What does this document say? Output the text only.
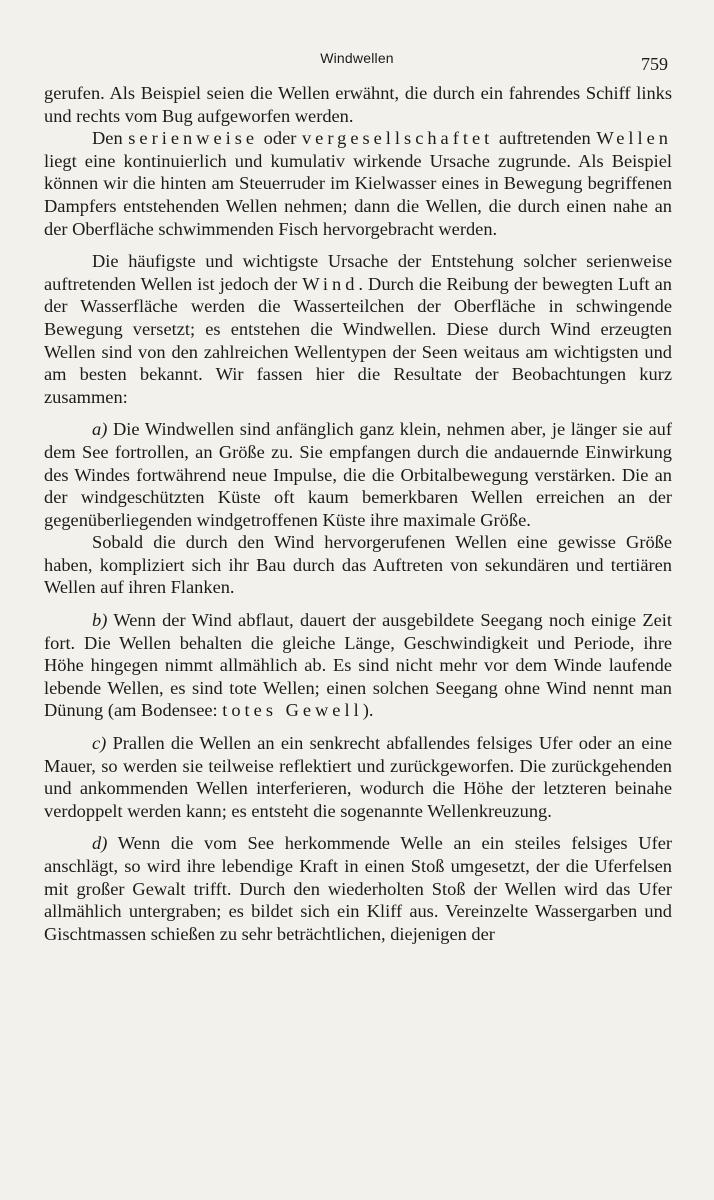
Windwellen	759

gerufen. Als Beispiel seien die Wellen erwähnt, die durch ein fahrendes Schiff links und rechts vom Bug aufgeworfen werden.

Den serienweise oder vergesellschaftet auftretenden Wellen liegt eine kontinuierlich und kumulativ wirkende Ursache zugrunde. Als Beispiel können wir die hinten am Steuerruder im Kielwasser eines in Bewegung begriffenen Dampfers entstehenden Wellen nehmen; dann die Wellen, die durch einen nahe an der Oberfläche schwimmenden Fisch hervorgebracht werden.

Die häufigste und wichtigste Ursache der Entstehung solcher serienweise auftretenden Wellen ist jedoch der Wind. Durch die Reibung der bewegten Luft an der Wasserfläche werden die Wasserteilchen der Oberfläche in schwingende Bewegung versetzt; es entstehen die Windwellen. Diese durch Wind erzeugten Wellen sind von den zahlreichen Wellentypen der Seen weitaus am wichtigsten und am besten bekannt. Wir fassen hier die Resultate der Beobachtungen kurz zusammen:

a) Die Windwellen sind anfänglich ganz klein, nehmen aber, je länger sie auf dem See fortrollen, an Größe zu. Sie empfangen durch die andauernde Einwirkung des Windes fortwährend neue Impulse, die die Orbitalbewegung verstärken. Die an der windgeschützten Küste oft kaum bemerkbaren Wellen erreichen an der gegenüberliegenden windgetroffenen Küste ihre maximale Größe.

Sobald die durch den Wind hervorgerufenen Wellen eine gewisse Größe haben, kompliziert sich ihr Bau durch das Auftreten von sekundären und tertiären Wellen auf ihren Flanken.

b) Wenn der Wind abflaut, dauert der ausgebildete Seegang noch einige Zeit fort. Die Wellen behalten die gleiche Länge, Geschwindigkeit und Periode, ihre Höhe hingegen nimmt allmählich ab. Es sind nicht mehr vor dem Winde laufende lebende Wellen, es sind tote Wellen; einen solchen Seegang ohne Wind nennt man Dünung (am Bodensee: totes Gewell).

c) Prallen die Wellen an ein senkrecht abfallendes felsiges Ufer oder an eine Mauer, so werden sie teilweise reflektiert und zurückgeworfen. Die zurückgehenden und ankommenden Wellen interferieren, wodurch die Höhe der letzteren beinahe verdoppelt werden kann; es entsteht die sogenannte Wellenkreuzung.

d) Wenn die vom See herkommende Welle an ein steiles felsiges Ufer anschlägt, so wird ihre lebendige Kraft in einen Stoß umgesetzt, der die Uferfelsen mit großer Gewalt trifft. Durch den wiederholten Stoß der Wellen wird das Ufer allmählich untergraben; es bildet sich ein Kliff aus. Vereinzelte Wassergarben und Gischtmassen schießen zu sehr beträchtlichen, diejenigen der
